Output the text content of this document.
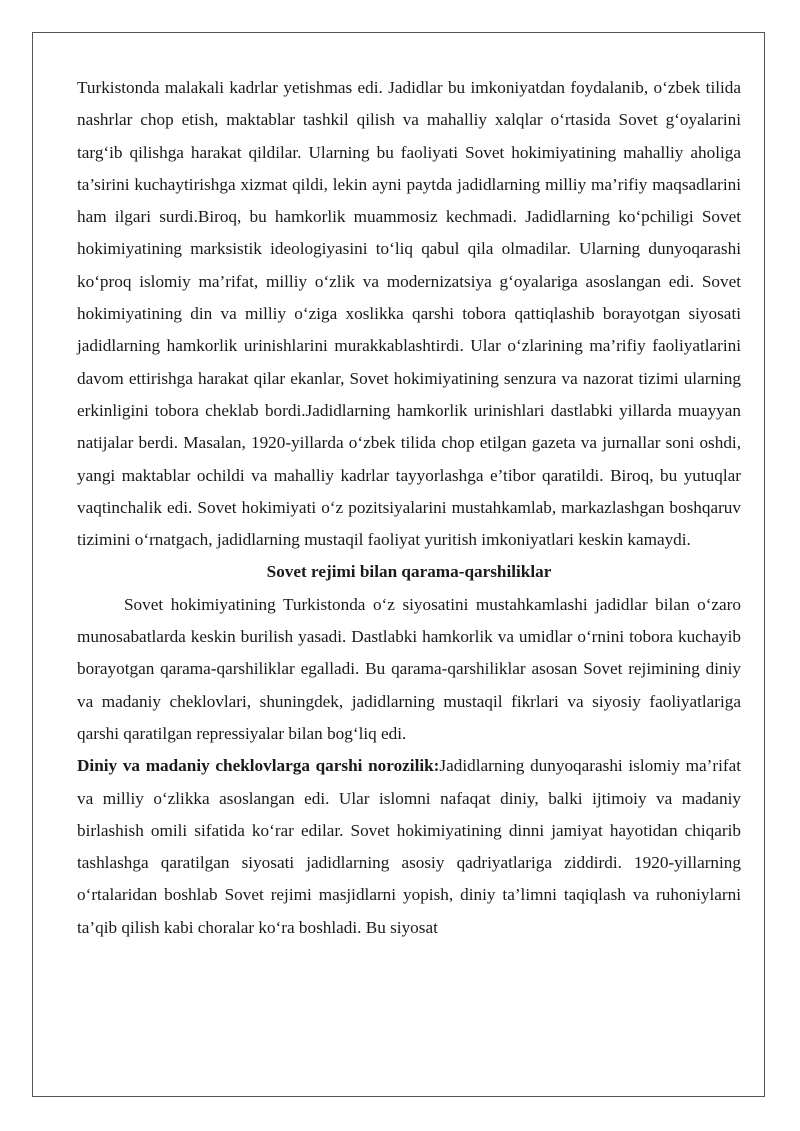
Turkistonda malakali kadrlar yetishmas edi. Jadidlar bu imkoniyatdan foydalanib, o‘zbek tilida nashrlar chop etish, maktablar tashkil qilish va mahalliy xalqlar o‘rtasida Sovet g‘oyalarini targ‘ib qilishga harakat qildilar. Ularning bu faoliyati Sovet hokimiyatining mahalliy aholiga ta’sirini kuchaytirishga xizmat qildi, lekin ayni paytda jadidlarning milliy ma’rifiy maqsadlarini ham ilgari surdi.Biroq, bu hamkorlik muammosiz kechmadi. Jadidlarning ko‘pchiligi Sovet hokimiyatining marksistik ideologiyasini to‘liq qabul qila olmadilar. Ularning dunyoqarashi ko‘proq islomiy ma’rifat, milliy o‘zlik va modernizatsiya g‘oyalariga asoslangan edi. Sovet hokimiyatining din va milliy o‘ziga xoslikka qarshi tobora qattiqlashib borayotgan siyosati jadidlarning hamkorlik urinishlarini murakkablashtirdi. Ular o‘zlarining ma’rifiy faoliyatlarini davom ettirishga harakat qilar ekanlar, Sovet hokimiyatining senzura va nazorat tizimi ularning erkinligini tobora cheklab bordi.Jadidlarning hamkorlik urinishlari dastlabki yillarda muayyan natijalar berdi. Masalan, 1920-yillarda o‘zbek tilida chop etilgan gazeta va jurnallar soni oshdi, yangi maktablar ochildi va mahalliy kadrlar tayyorlashga e’tibor qaratildi. Biroq, bu yutuqlar vaqtinchalik edi. Sovet hokimiyati o‘z pozitsiyalarini mustahkamlab, markazlashgan boshqaruv tizimini o‘rnatgach, jadidlarning mustaqil faoliyat yuritish imkoniyatlari keskin kamaydi.

Sovet rejimi bilan qarama-qarshiliklar

Sovet hokimiyatining Turkistonda o‘z siyosatini mustahkamlashi jadidlar bilan o‘zaro munosabatlarda keskin burilish yasadi. Dastlabki hamkorlik va umidlar o‘rnini tobora kuchayib borayotgan qarama-qarshiliklar egalladi. Bu qarama-qarshiliklar asosan Sovet rejimining diniy va madaniy cheklovlari, shuningdek, jadidlarning mustaqil fikrlari va siyosiy faoliyatlariga qarshi qaratilgan repressiyalar bilan bog‘liq edi.

Diniy va madaniy cheklovlarga qarshi norozilik:Jadidlarning dunyoqarashi islomiy ma’rifat va milliy o‘zlikka asoslangan edi. Ular islomni nafaqat diniy, balki ijtimoiy va madaniy birlashish omili sifatida ko‘rar edilar. Sovet hokimiyatining dinni jamiyat hayotidan chiqarib tashlashga qaratilgan siyosati jadidlarning asosiy qadriyatlariga ziddirdi. 1920-yillarning o‘rtalaridan boshlab Sovet rejimi masjidlarni yopish, diniy ta’limni taqiqlash va ruhoniylarni ta’qib qilish kabi choralar ko‘ra boshladi. Bu siyosat
